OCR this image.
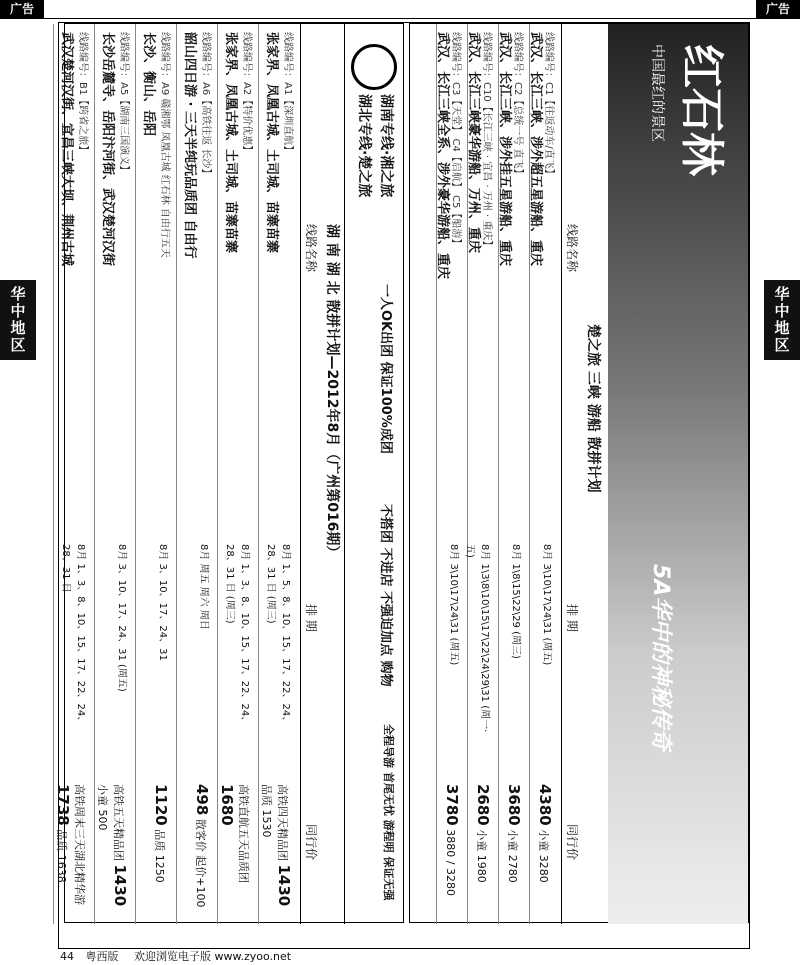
广告	广告
华中地区	华中地区
湖南专线·湘之旅
湖北专线·楚之旅
一人OK出团 保证100%成团
不搭团 不进店 不强迫加点 购物
全程导游 首尾无忧 游程明 保证无强
湖 南 湖 北 散拼计划—2012年8月（广州第016期）
线路名称
排 期
同行价
线路编号：A1【深圳直航】
张家界、凤凰古城、土司城、苗寨苗寨
8月 1、5、8、10、15、17、22、24、28、31 日 (周三)
高铁四天精品团 1430 品质 1530
线路编号：A2【特价优惠】
张家界、凤凰古城、土司城、苗寨苗寨
8月 1、3、8、10、15、17、22、24、28、31 日 (周三)
高铁直航五天品质团 1680
线路编号：A6【高铁往返 长沙】
韶山四日游 · 三天半纯玩品质团 自由行
8月 周五 周六 周日
498 散客价 起价+100
线路编号：A9 赣湘鄂 凤凰古城 红石林 自由行五天
长沙、衡山、岳阳
8月 3、10、17、24、31
1120 品质 1250
线路编号：A5【湖南三国演义】
长沙岳麓寺、岳阳汴河街、武汉楚河汉街
8月 3、10、17、24、31 (周五)
高铁五天精品团 1430 小童 500
线路编号：B1【跨省之旅】
武汉楚河汉街、宜昌三峡大坝、荆州古城
8月 1、3、8、10、15、17、22、24、28、31 日
高铁周末三天湖北精华游 1738 品质 1638
红石林
中国最红的景区
5A华中的神秘传奇
楚之旅 三峡 游船 散拼计划
线路名称
排 期
同行价
线路编号：C1【往返动车/直飞】
武汉、长江三峡、涉外超五星游船、重庆
8月 3\10\17\24\31 (周五)
4380 小童 3280
线路编号：C2【总统一号 直飞】
武汉、长江三峡、涉外挂五星游船、重庆
8月 1\8\15\22\29 (周三)
3680 小童 2780
线路编号：C10【长江三峡 · 宜昌 · 万州 · 重庆】
武汉、长江三峡豪华游船、万州、重庆
8月 1\3\8\10\15\17\22\24\29\31 (周一·五)
2680 小童 1980
线路编号：C3【天堂】 C4【启航】 C5【船游】
武汉、长江三峡全系、涉外豪华游船、重庆
8月 3\10\17\24\31 (周五)
3780 3880 / 3280
44 粤西版 欢迎浏览电子版 www.zyoo.net
